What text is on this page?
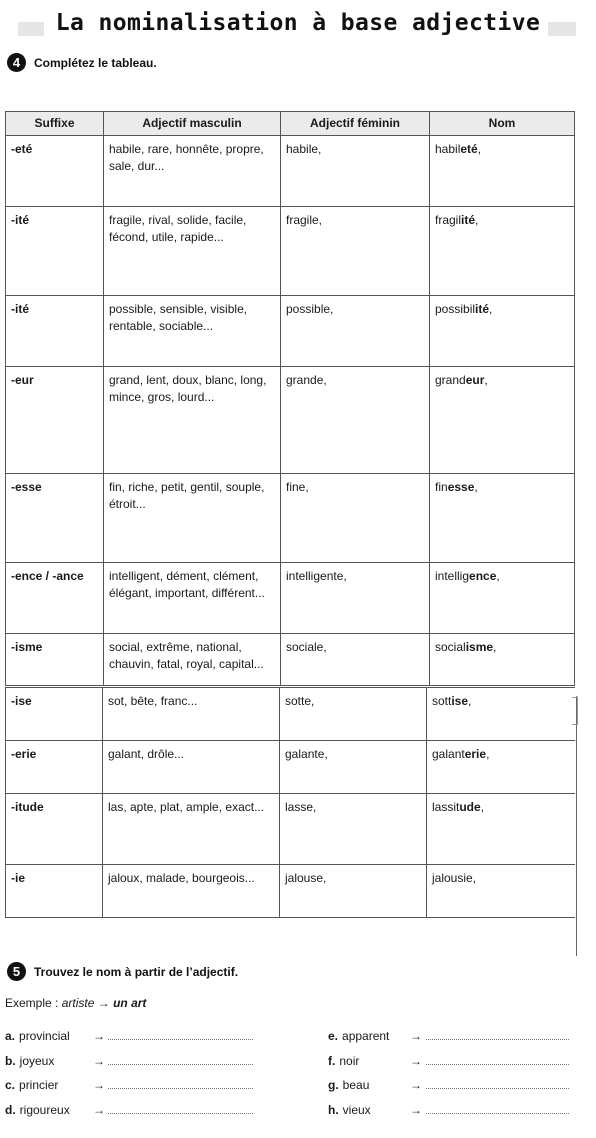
La nominalisation à base adjective
4	Complétez le tableau.
Suffixe	Adjectif masculin	Adjectif féminin	Nom
-eté	habile, rare, honnête, propre, sale, dur...	habile,	habileté,
-ité	fragile, rival, solide, facile, fécond, utile, rapide...	fragile,	fragilité,
-ité	possible, sensible, visible, rentable, sociable...	possible,	possibilité,
-eur	grand, lent, doux, blanc, long, mince, gros, lourd...	grande,	grandeur,
-esse	fin, riche, petit, gentil, souple, étroit...	fine,	finesse,
-ence / -ance	intelligent, dément, clément, élégant, important, différent...	intelligente,	intelligence,
-isme	social, extrême, national, chauvin, fatal, royal, capital...	sociale,	socialisme,
-ise	sot, bête, franc...	sotte,	sottise,
-erie	galant, drôle...	galante,	galanterie,
-itude	las, apte, plat, ample, exact...	lasse,	lassitude,
-ie	jaloux, malade, bourgeois...	jalouse,	jalousie,
5	Trouvez le nom à partir de l’adjectif.
Exemple : artiste → un art
a. provincial →
b. joyeux	→
c. princier	→
d. rigoureux →
e. apparent →
f. noir	→
g. beau	→
h. vieux	→
